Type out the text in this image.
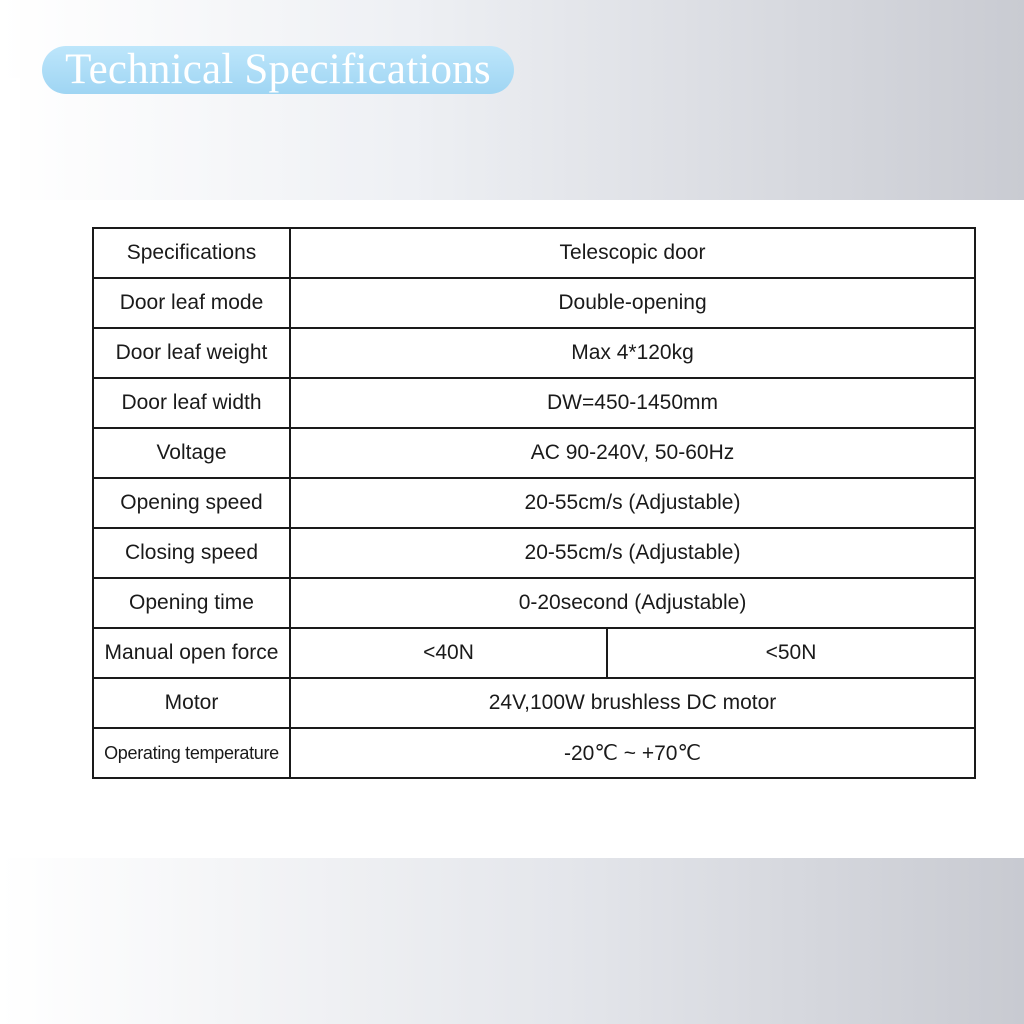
Technical Specifications
Specifications	Telescopic door	
Door leaf mode	Double-opening	
Door leaf weight	Max 4*120kg	
Door leaf width	DW=450-1450mm	
Voltage	AC 90-240V, 50-60Hz	
Opening speed	20-55cm/s (Adjustable)	
Closing speed	20-55cm/s (Adjustable)	
Opening time	0-20second (Adjustable)	
Manual open force	<40N	<50N
Motor	24V,100W brushless DC motor	
Operating temperature	-20℃ ~ +70℃	
